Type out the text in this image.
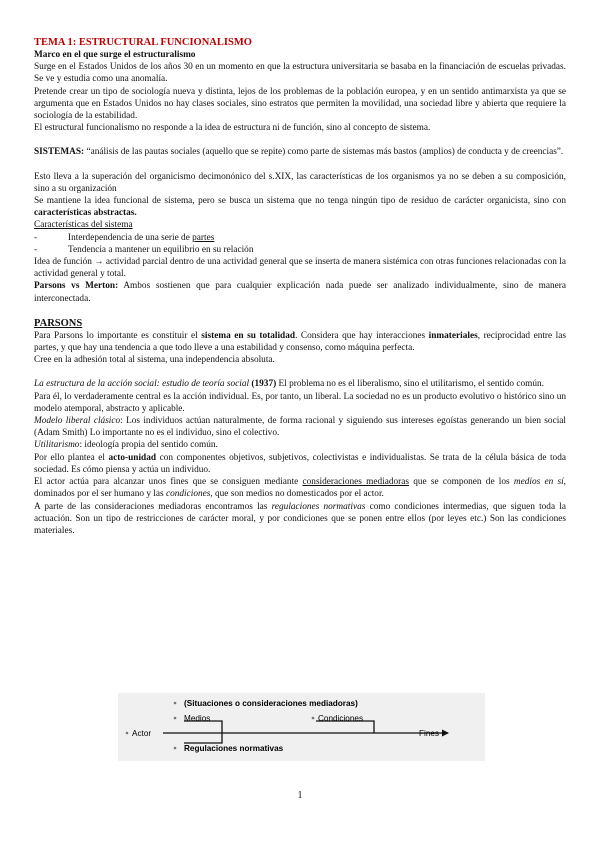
TEMA 1: ESTRUCTURAL FUNCIONALISMO

Marco en el que surge el estructuralismo

Surge en el Estados Unidos de los años 30 en un momento en que la estructura universitaria se basaba en la financiación de escuelas privadas. Se ve y estudia como una anomalía.

Pretende crear un tipo de sociología nueva y distinta, lejos de los problemas de la población europea, y en un sentido antimarxista ya que se argumenta que en Estados Unidos no hay clases sociales, sino estratos que permiten la movilidad, una sociedad libre y abierta que requiere la sociología de la estabilidad.

El estructural funcionalismo no responde a la idea de estructura ni de función, sino al concepto de sistema.

SISTEMAS: “análisis de las pautas sociales (aquello que se repite) como parte de sistemas más bastos (amplios) de conducta y de creencias”.

Esto lleva a la superación del organicismo decimonónico del s.XIX, las características de los organismos ya no se deben a su composición, sino a su organización

Se mantiene la idea funcional de sistema, pero se busca un sistema que no tenga ningún tipo de residuo de carácter organicista, sino con características abstractas.

Características del sistema

-	Interdependencia de una serie de partes
-	Tendencia a mantener un equilibrio en su relación

Idea de función → actividad parcial dentro de una actividad general que se inserta de manera sistémica con otras funciones relacionadas con la actividad general y total.

Parsons vs Merton: Ambos sostienen que para cualquier explicación nada puede ser analizado individualmente, sino de manera interconectada.

PARSONS

Para Parsons lo importante es constituir el sistema en su totalidad. Considera que hay interacciones inmateriales, reciprocidad entre las partes, y que hay una tendencia a que todo lleve a una estabilidad y consenso, como máquina perfecta.

Cree en la adhesión total al sistema, una independencia absoluta.

La estructura de la acción social: estudio de teoría social (1937) El problema no es el liberalismo, sino el utilitarismo, el sentido común.

Para él, lo verdaderamente central es la acción individual. Es, por tanto, un liberal. La sociedad no es un producto evolutivo o histórico sino un modelo atemporal, abstracto y aplicable.

Modelo liberal clásico: Los individuos actúan naturalmente, de forma racional y siguiendo sus intereses egoístas generando un bien social (Adam Smith) Lo importante no es el individuo, sino el colectivo.

Utilitarismo: ideología propia del sentido común.

Por ello plantea el acto-unidad con componentes objetivos, subjetivos, colectivistas e individualistas. Se trata de la célula básica de toda sociedad. Es cómo piensa y actúa un individuo.

El actor actúa para alcanzar unos fines que se consiguen mediante consideraciones mediadoras que se componen de los medios en sí, dominados por el ser humano y las condiciones, que son medios no domesticados por el actor.

A parte de las consideraciones mediadoras encontramos las regulaciones normativas como condiciones intermedias, que siguen toda la actuación. Son un tipo de restricciones de carácter moral, y por condiciones que se ponen entre ellos (por leyes etc.) Son las condiciones materiales.

(Situaciones o consideraciones mediadoras)
Medios
Actor
Condiciones
Fines
Regulaciones normativas
1
